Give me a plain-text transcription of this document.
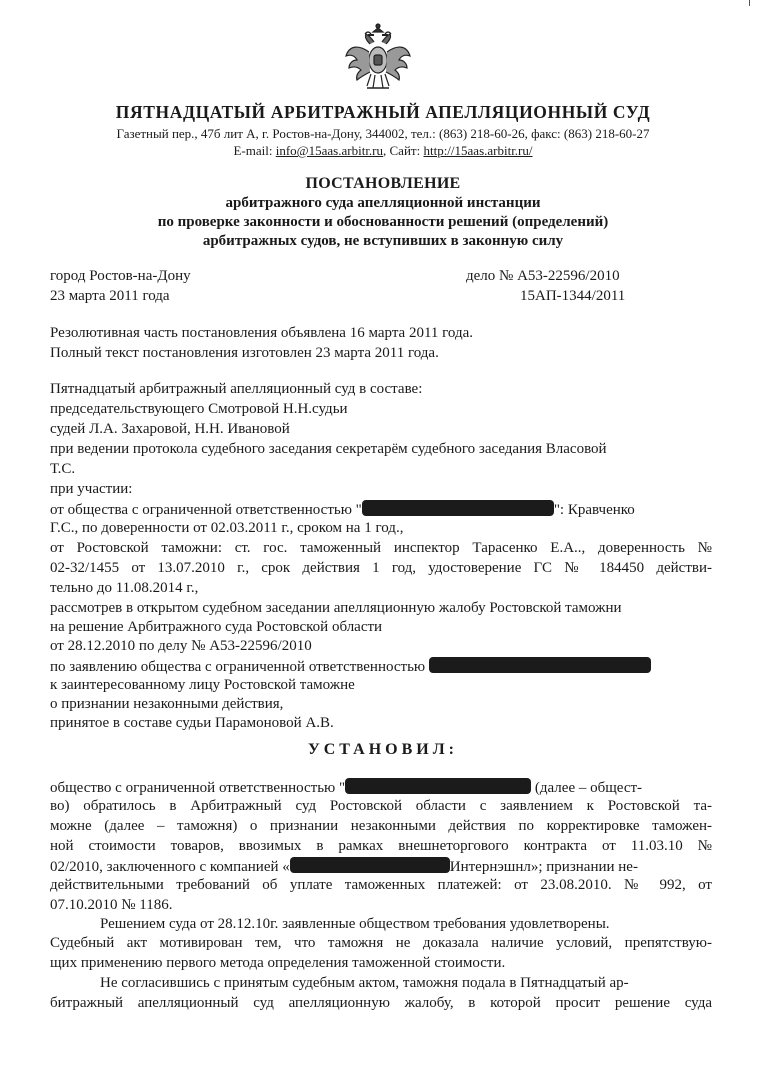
ПЯТНАДЦАТЫЙ АРБИТРАЖНЫЙ АПЕЛЛЯЦИОННЫЙ СУД
Газетный пер., 47б лит А, г. Ростов-на-Дону, 344002, тел.: (863) 218-60-26, факс: (863) 218-60-27
E-mail: info@15aas.arbitr.ru, Сайт: http://15aas.arbitr.ru/
ПОСТАНОВЛЕНИЕ
арбитражного суда апелляционной инстанции
по проверке законности и обоснованности решений (определений)
арбитражных судов, не вступивших в законную силу
город Ростов-на-Дону
23 марта 2011 года
дело № А53-22596/2010
15АП-1344/2011
Резолютивная часть постановления объявлена 16 марта 2011 года.
Полный текст постановления изготовлен 23 марта 2011 года.
Пятнадцатый арбитражный апелляционный суд в составе:
председательствующего Смотровой Н.Н.судьи
судей Л.А. Захаровой, Н.Н. Ивановой
при ведении протокола судебного заседания секретарём судебного заседания Власовой
Т.С.
при участии:
от общества с ограниченной ответственностью "	": Кравченко
Г.С., по доверенности от 02.03.2011 г., сроком на 1 год.,
от Ростовской таможни: ст. гос. таможенный инспектор Тарасенко Е.А.., доверенность №
02-32/1455 от 13.07.2010 г., срок действия 1 год, удостоверение ГС № 184450 действи-
тельно до 11.08.2014 г.,
рассмотрев в открытом судебном заседании апелляционную жалобу Ростовской таможни
на решение Арбитражного суда Ростовской области
от 28.12.2010 по делу № А53-22596/2010
по заявлению общества с ограниченной ответственностью
к заинтересованному лицу Ростовской таможне
о признании незаконными действия,
принятое в составе судьи Парамоновой А.В.
УСТАНОВИЛ:
общество с ограниченной ответственностью "	(далее – общест-
во) обратилось в Арбитражный суд Ростовской области с заявлением к Ростовской та-
можне (далее – таможня) о признании незаконными действия по корректировке таможен-
ной стоимости товаров, ввозимых в рамках внешнеторгового контракта от 11.03.10 №
02/2010, заключенного с компанией «	Интернэшнл»; признании не-
действительными требований об уплате таможенных платежей: от 23.08.2010. № 992, от
07.10.2010 № 1186.
Решением суда от 28.12.10г. заявленные обществом требования удовлетворены.
Судебный акт мотивирован тем, что таможня не доказала наличие условий, препятствую-
щих применению первого метода определения таможенной стоимости.
Не согласившись с принятым судебным актом, таможня подала в Пятнадцатый ар-
битражный апелляционный суд апелляционную жалобу, в которой просит решение суда
